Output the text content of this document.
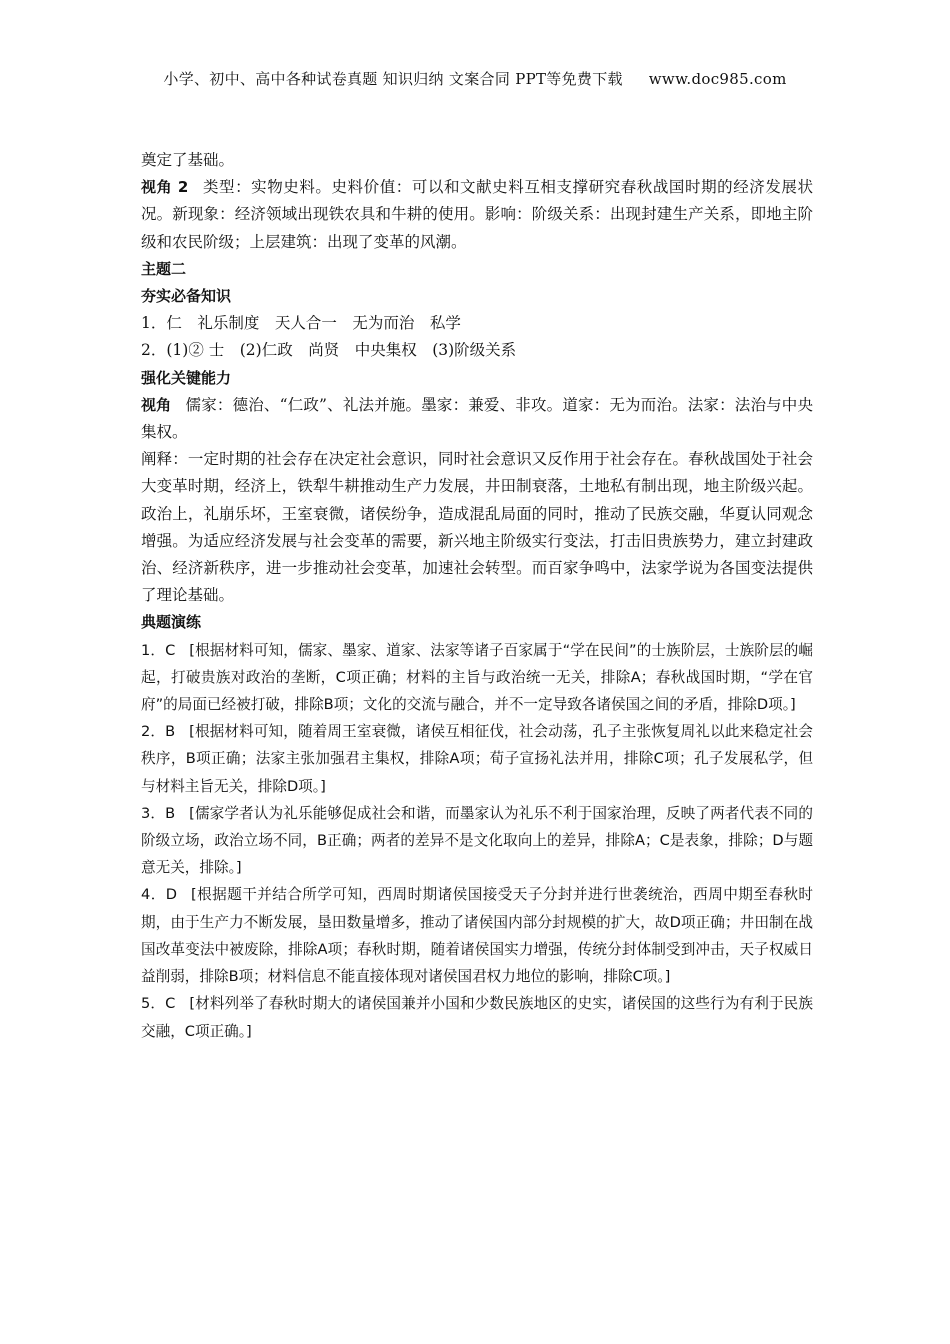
小学、初中、高中各种试卷真题 知识归纳 文案合同 PPT等免费下载 www.doc985.com

奠定了基础。

视角 2 类型：实物史料。史料价值：可以和文献史料互相支撑研究春秋战国时期的经济发展状况。新现象：经济领域出现铁农具和牛耕的使用。影响：阶级关系：出现封建生产关系，即地主阶级和农民阶级；上层建筑：出现了变革的风潮。

主题二

夯实必备知识

1．仁　礼乐制度　天人合一　无为而治　私学

2．(1)② 士　(2)仁政　尚贤　中央集权　(3)阶级关系

强化关键能力

视角 儒家：德治、“仁政”、礼法并施。墨家：兼爱、非攻。道家：无为而治。法家：法治与中央集权。

阐释：一定时期的社会存在决定社会意识，同时社会意识又反作用于社会存在。春秋战国处于社会大变革时期，经济上，铁犁牛耕推动生产力发展，井田制衰落，土地私有制出现，地主阶级兴起。政治上，礼崩乐坏，王室衰微，诸侯纷争，造成混乱局面的同时，推动了民族交融，华夏认同观念增强。为适应经济发展与社会变革的需要，新兴地主阶级实行变法，打击旧贵族势力，建立封建政治、经济新秩序，进一步推动社会变革，加速社会转型。而百家争鸣中，法家学说为各国变法提供了理论基础。

典题演练

1．C [根据材料可知，儒家、墨家、道家、法家等诸子百家属于“学在民间”的士族阶层，士族阶层的崛起，打破贵族对政治的垄断，C项正确；材料的主旨与政治统一无关，排除A；春秋战国时期，“学在官府”的局面已经被打破，排除B项；文化的交流与融合，并不一定导致各诸侯国之间的矛盾，排除D项。]

2．B [根据材料可知，随着周王室衰微，诸侯互相征伐，社会动荡，孔子主张恢复周礼以此来稳定社会秩序，B项正确；法家主张加强君主集权，排除A项；荀子宣扬礼法并用，排除C项；孔子发展私学，但与材料主旨无关，排除D项。]

3．B [儒家学者认为礼乐能够促成社会和谐，而墨家认为礼乐不利于国家治理，反映了两者代表不同的阶级立场，政治立场不同，B正确；两者的差异不是文化取向上的差异，排除A；C是表象，排除；D与题意无关，排除。]

4．D [根据题干并结合所学可知，西周时期诸侯国接受天子分封并进行世袭统治，西周中期至春秋时期，由于生产力不断发展，垦田数量增多，推动了诸侯国内部分封规模的扩大，故D项正确；井田制在战国改革变法中被废除，排除A项；春秋时期，随着诸侯国实力增强，传统分封体制受到冲击，天子权威日益削弱，排除B项；材料信息不能直接体现对诸侯国君权力地位的影响，排除C项。]

5．C [材料列举了春秋时期大的诸侯国兼并小国和少数民族地区的史实，诸侯国的这些行为有利于民族交融，C项正确。]
